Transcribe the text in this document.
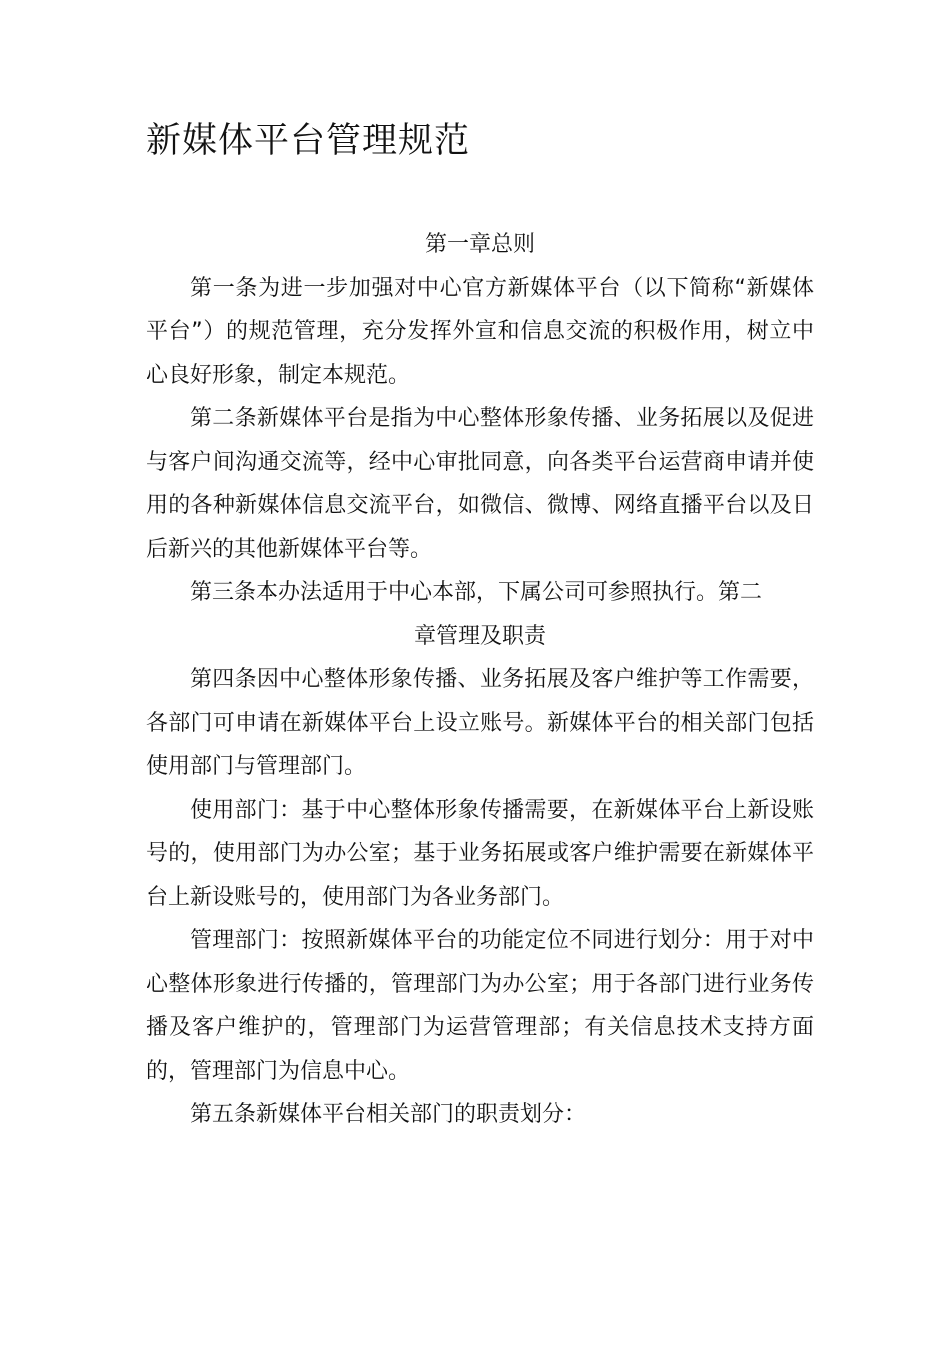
新媒体平台管理规范

第一章总则

第一条为进一步加强对中心官方新媒体平台（以下简称“新媒体平台”）的规范管理，充分发挥外宣和信息交流的积极作用，树立中心良好形象，制定本规范。

第二条新媒体平台是指为中心整体形象传播、业务拓展以及促进与客户间沟通交流等，经中心审批同意，向各类平台运营商申请并使用的各种新媒体信息交流平台，如微信、微博、网络直播平台以及日后新兴的其他新媒体平台等。

第三条本办法适用于中心本部，下属公司可参照执行。第二

章管理及职责

第四条因中心整体形象传播、业务拓展及客户维护等工作需要，各部门可申请在新媒体平台上设立账号。新媒体平台的相关部门包括使用部门与管理部门。

使用部门：基于中心整体形象传播需要，在新媒体平台上新设账号的，使用部门为办公室；基于业务拓展或客户维护需要在新媒体平台上新设账号的，使用部门为各业务部门。

管理部门：按照新媒体平台的功能定位不同进行划分：用于对中心整体形象进行传播的，管理部门为办公室；用于各部门进行业务传播及客户维护的，管理部门为运营管理部；有关信息技术支持方面的，管理部门为信息中心。

第五条新媒体平台相关部门的职责划分：
